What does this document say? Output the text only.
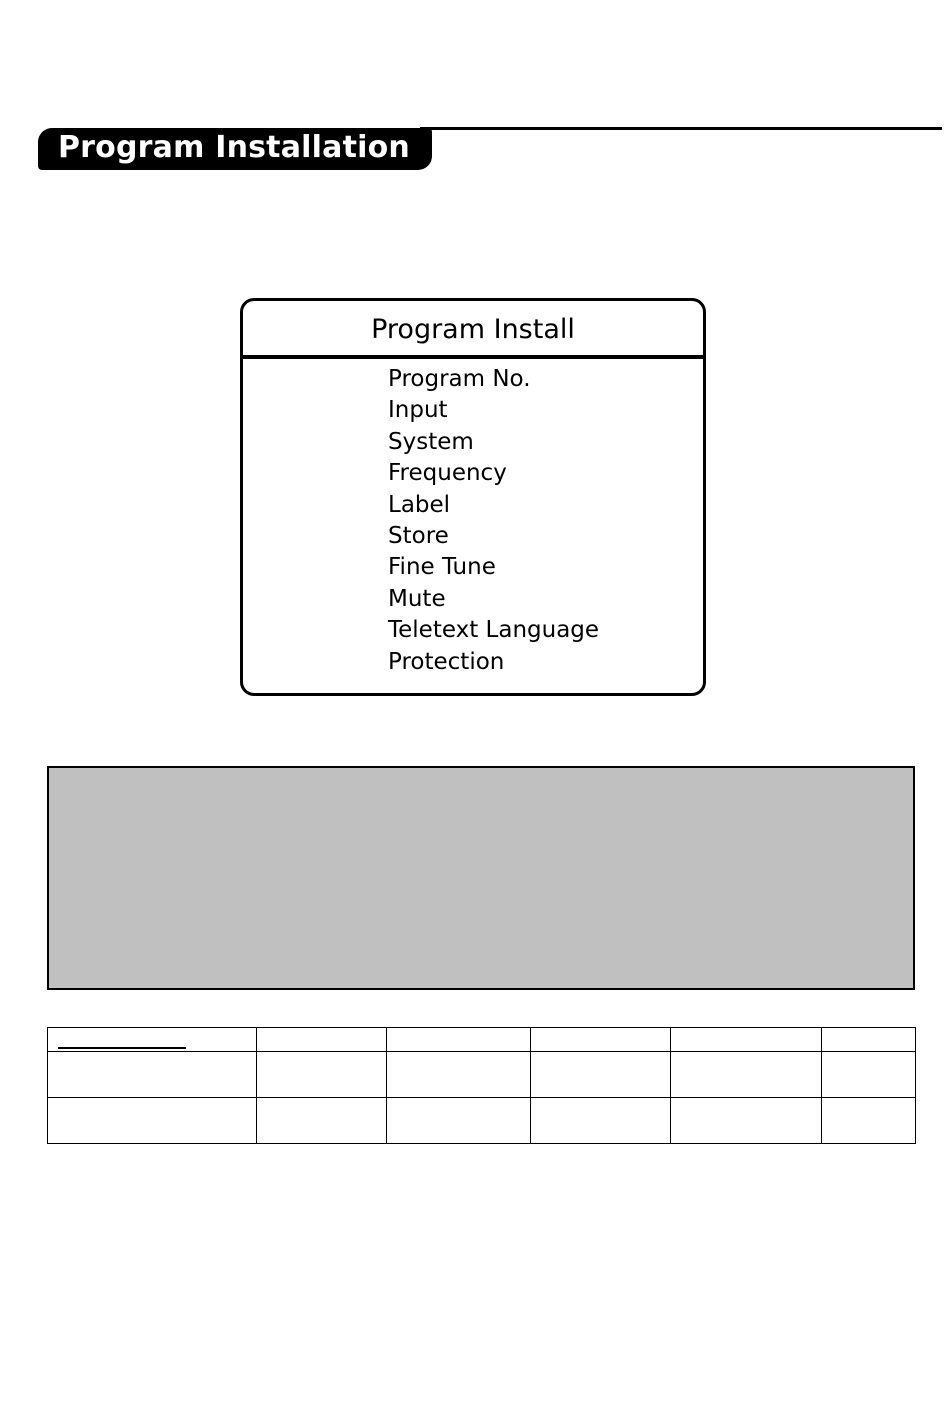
Program Installation
Program Install
Program No.
Input
System
Frequency
Label
Store
Fine Tune
Mute
Teletext Language
Protection
